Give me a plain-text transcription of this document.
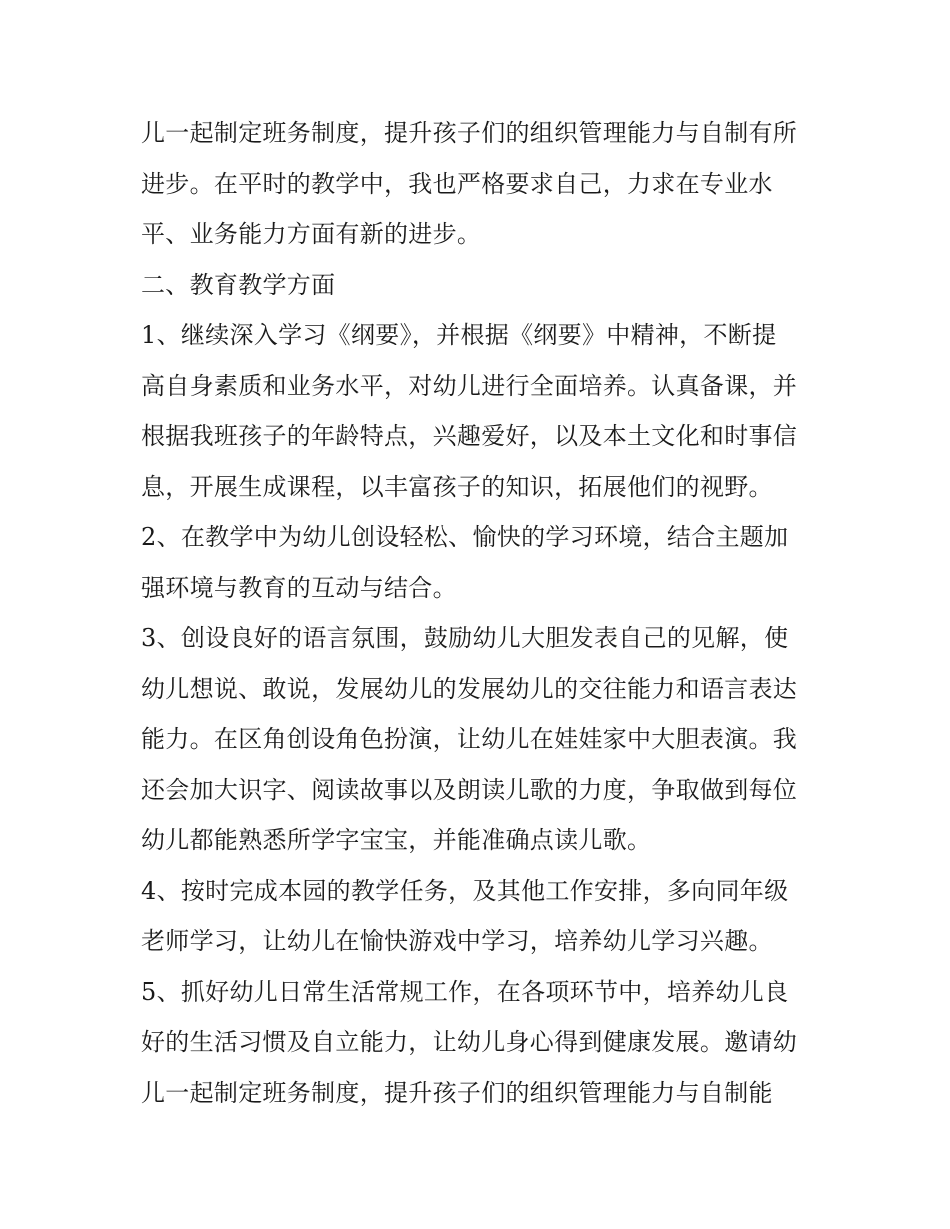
儿一起制定班务制度，提升孩子们的组织管理能力与自制有所
进步。在平时的教学中，我也严格要求自己，力求在专业水
平、业务能力方面有新的进步。
二、教育教学方面
1、继续深入学习《纲要》，并根据《纲要》中精神，不断提
高自身素质和业务水平，对幼儿进行全面培养。认真备课，并
根据我班孩子的年龄特点，兴趣爱好，以及本土文化和时事信
息，开展生成课程，以丰富孩子的知识，拓展他们的视野。
2、在教学中为幼儿创设轻松、愉快的学习环境，结合主题加
强环境与教育的互动与结合。
3、创设良好的语言氛围，鼓励幼儿大胆发表自己的见解，使
幼儿想说、敢说，发展幼儿的发展幼儿的交往能力和语言表达
能力。在区角创设角色扮演，让幼儿在娃娃家中大胆表演。我
还会加大识字、阅读故事以及朗读儿歌的力度，争取做到每位
幼儿都能熟悉所学字宝宝，并能准确点读儿歌。
4、按时完成本园的教学任务，及其他工作安排，多向同年级
老师学习，让幼儿在愉快游戏中学习，培养幼儿学习兴趣。
5、抓好幼儿日常生活常规工作，在各项环节中，培养幼儿良
好的生活习惯及自立能力，让幼儿身心得到健康发展。邀请幼
儿一起制定班务制度，提升孩子们的组织管理能力与自制能
